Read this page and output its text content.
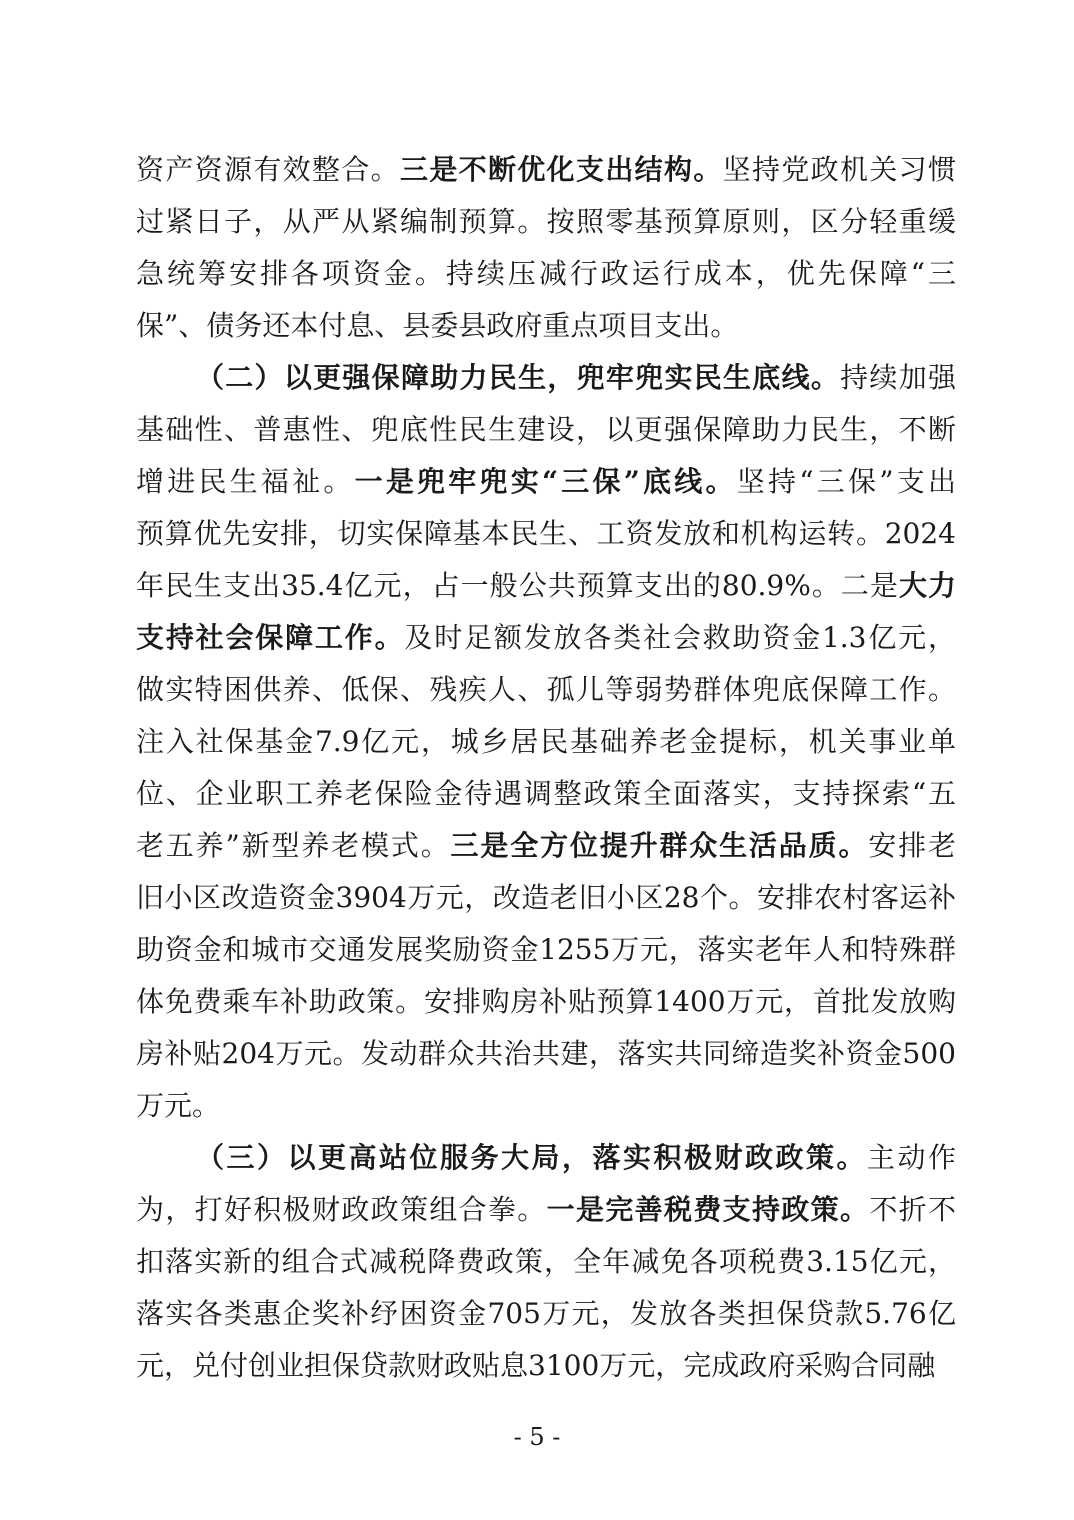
资产资源有效整合。三是不断优化支出结构。坚持党政机关习惯
过紧日子，从严从紧编制预算。按照零基预算原则，区分轻重缓
急统筹安排各项资金。持续压减行政运行成本，优先保障“三
保”、债务还本付息、县委县政府重点项目支出。
（二）以更强保障助力民生，兜牢兜实民生底线。持续加强
基础性、普惠性、兜底性民生建设，以更强保障助力民生，不断
增进民生福祉。一是兜牢兜实“三保”底线。坚持“三保”支出
预算优先安排，切实保障基本民生、工资发放和机构运转。2024
年民生支出35.4亿元，占一般公共预算支出的80.9%。二是大力
支持社会保障工作。及时足额发放各类社会救助资金1.3亿元，
做实特困供养、低保、残疾人、孤儿等弱势群体兜底保障工作。
注入社保基金7.9亿元，城乡居民基础养老金提标，机关事业单
位、企业职工养老保险金待遇调整政策全面落实，支持探索“五
老五养”新型养老模式。三是全方位提升群众生活品质。安排老
旧小区改造资金3904万元，改造老旧小区28个。安排农村客运补
助资金和城市交通发展奖励资金1255万元，落实老年人和特殊群
体免费乘车补助政策。安排购房补贴预算1400万元，首批发放购
房补贴204万元。发动群众共治共建，落实共同缔造奖补资金500
万元。
（三）以更高站位服务大局，落实积极财政政策。主动作
为，打好积极财政政策组合拳。一是完善税费支持政策。不折不
扣落实新的组合式减税降费政策，全年减免各项税费3.15亿元，
落实各类惠企奖补纾困资金705万元，发放各类担保贷款5.76亿
元，兑付创业担保贷款财政贴息3100万元，完成政府采购合同融
- 5 -
